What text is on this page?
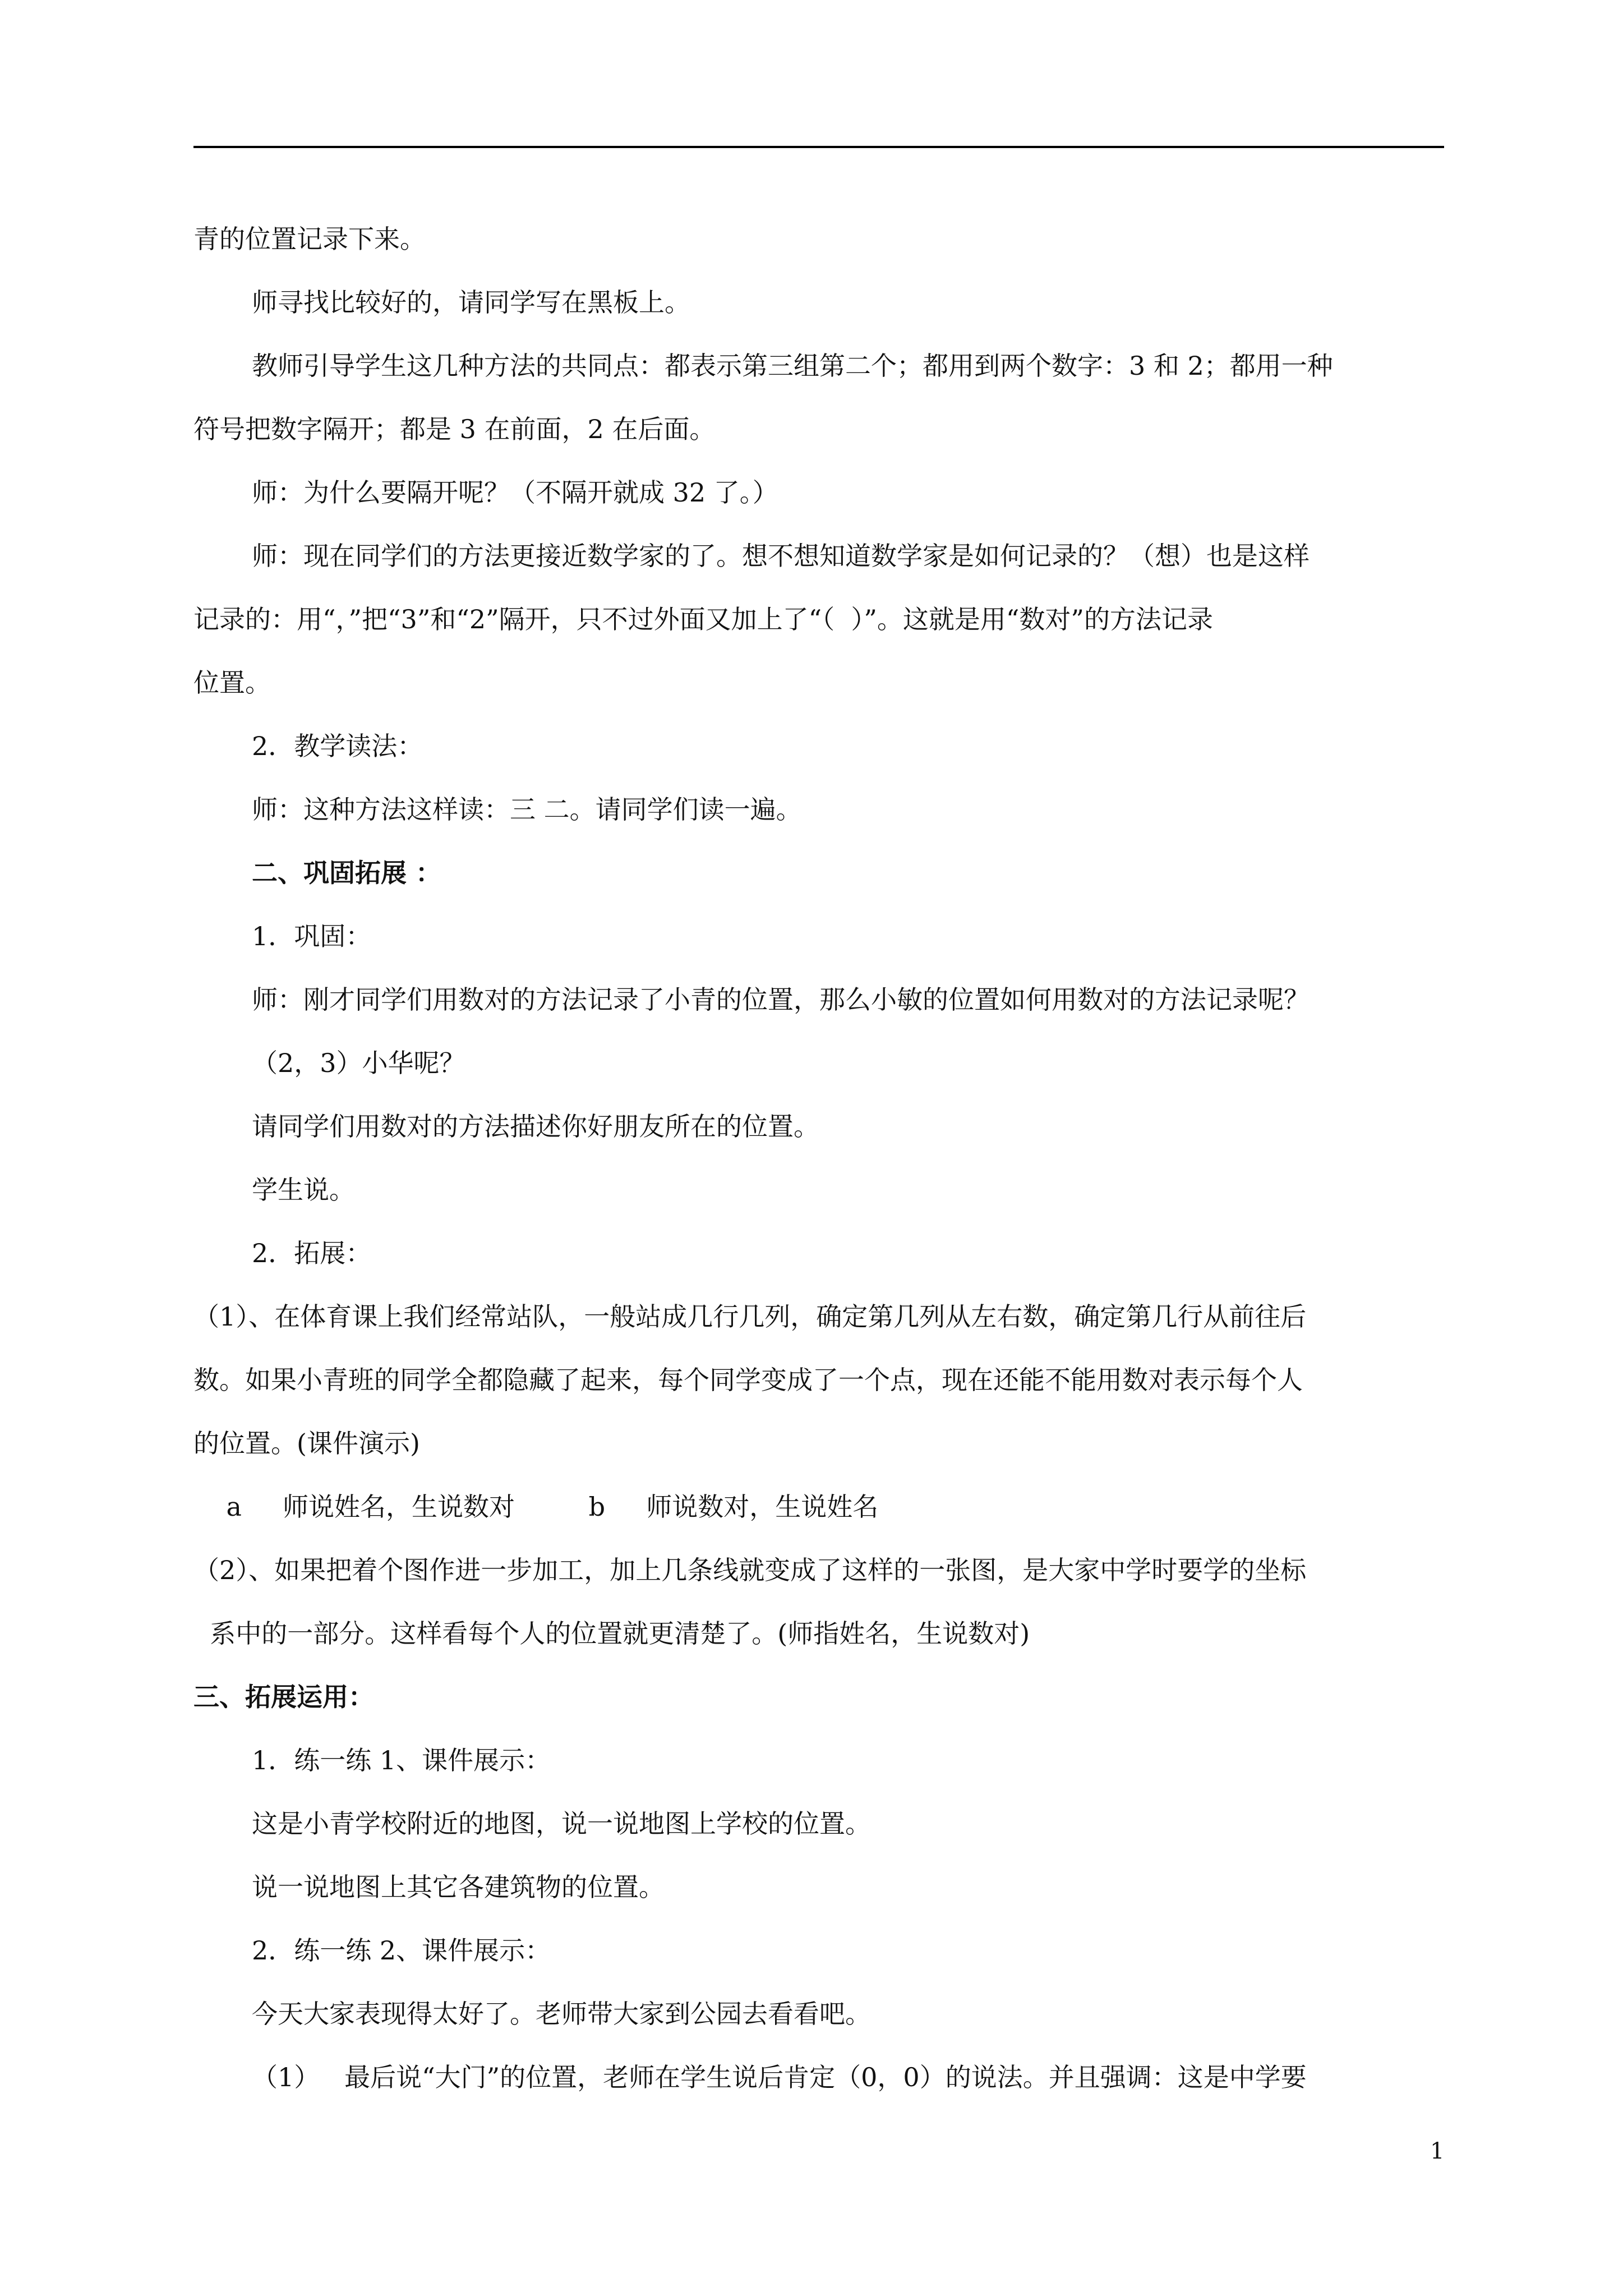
青的位置记录下来。

师寻找比较好的，请同学写在黑板上。

教师引导学生这几种方法的共同点：都表示第三组第二个；都用到两个数字：3 和 2；都用一种

符号把数字隔开；都是 3 在前面，2 在后面。

师：为什么要隔开呢？（不隔开就成 32 了。）

师：现在同学们的方法更接近数学家的了。想不想知道数学家是如何记录的？（想）也是这样

记录的：用“，”把“3”和“2”隔开，只不过外面又加上了“（  ）”。这就是用“数对”的方法记录

位置。

2．教学读法：

师：这种方法这样读：三 二。请同学们读一遍。

二、巩固拓展 ：

1．巩固：

师：刚才同学们用数对的方法记录了小青的位置，那么小敏的位置如何用数对的方法记录呢？

（2，3）小华呢？

请同学们用数对的方法描述你好朋友所在的位置。

学生说。

2．拓展：

（1）、在体育课上我们经常站队，一般站成几行几列，确定第几列从左右数，确定第几行从前往后

数。如果小青班的同学全都隐藏了起来，每个同学变成了一个点，现在还能不能用数对表示每个人

的位置。(课件演示)

a     师说姓名，生说数对         b     师说数对，生说姓名

（2）、如果把着个图作进一步加工，加上几条线就变成了这样的一张图，是大家中学时要学的坐标

系中的一部分。这样看每个人的位置就更清楚了。(师指姓名，生说数对)

三、拓展运用：

1．练一练 1、课件展示：

这是小青学校附近的地图，说一说地图上学校的位置。

说一说地图上其它各建筑物的位置。

2．练一练 2、课件展示：

今天大家表现得太好了。老师带大家到公园去看看吧。

（1）   最后说“大门”的位置，老师在学生说后肯定（0，0）的说法。并且强调：这是中学要

1
